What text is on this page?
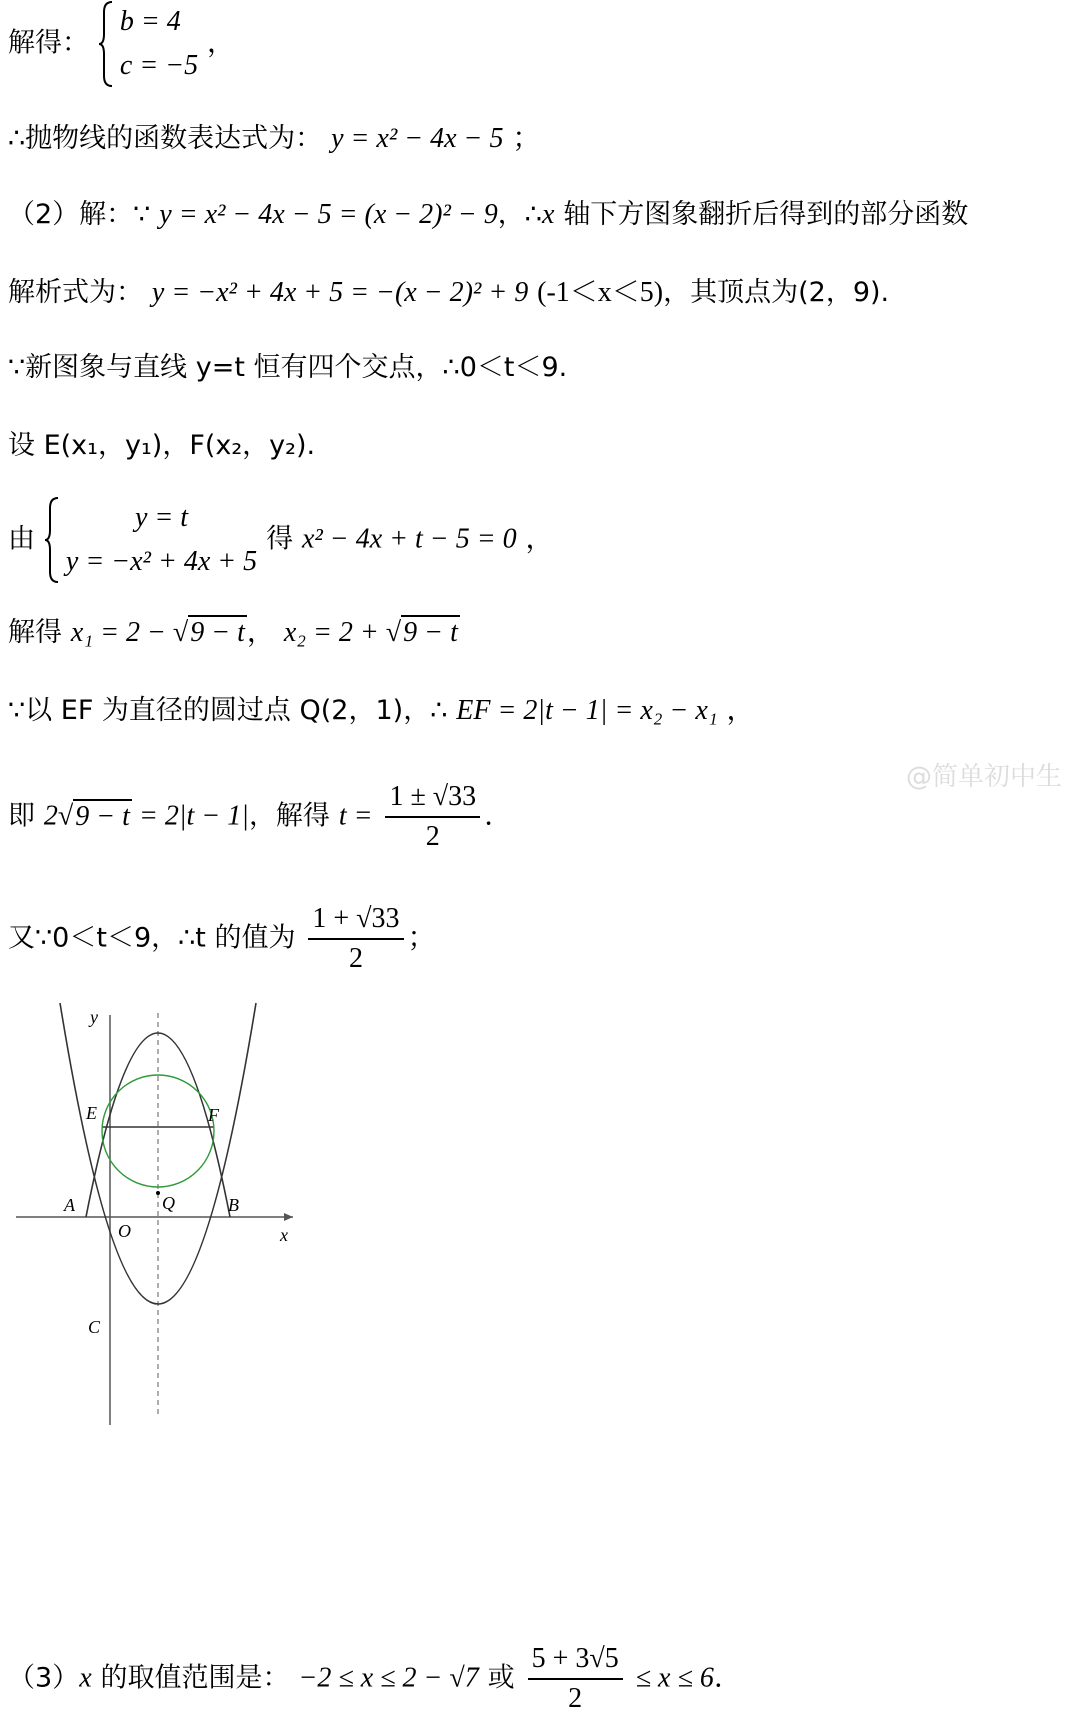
解得：
b = 4
c = −5
，
∴抛物线的函数表达式为： y = x² − 4x − 5 ；
（2）解：∵ y = x² − 4x − 5 = (x − 2)² − 9，∴x 轴下方图象翻折后得到的部分函数
解析式为： y = −x² + 4x + 5 = −(x − 2)² + 9 (-1＜x＜5)，其顶点为(2，9).
∵新图象与直线 y=t 恒有四个交点，∴0＜t＜9.
设 E(x₁，y₁)，F(x₂，y₂).
由
y = t
y = −x² + 4x + 5
得 x² − 4x + t − 5 = 0 ，
解得 x₁ = 2 − √9 − t， x₂ = 2 + √9 − t
∵以 EF 为直径的圆过点 Q(2，1)，∴ EF = 2|t − 1| = x₂ − x₁ ，
@简单初中生
即 2√9 − t = 2|t − 1|，解得 $t = \frac{1 \pm √33}{2}$ .
又∵0＜t＜9，∴t 的值为 $\frac{1 + √33}{2}$ ；
y
x
E	F
A	B
O
Q
C
（3）x 的取值范围是： −2 ≤ x ≤ 2 − √7 或 $\frac{5 + 3√5}{2} \le x \le 6$.
